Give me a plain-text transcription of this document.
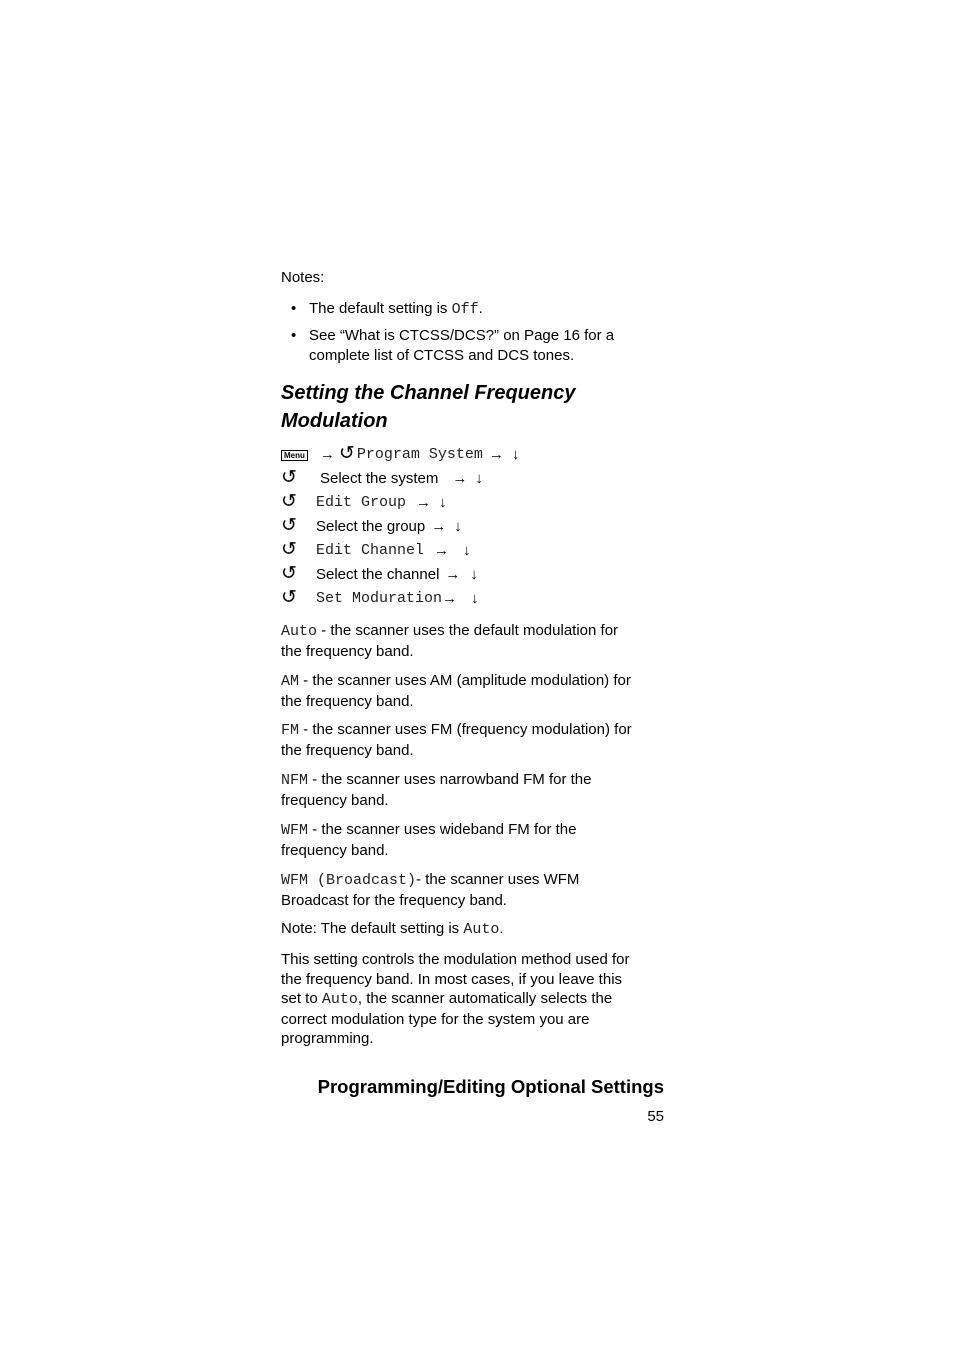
Notes:
• The default setting is Off.
• See “What is CTCSS/DCS?” on Page 16 for a
complete list of CTCSS and DCS tones.
Setting the Channel Frequency
Modulation
Menu → ↺ Program System → ↓
↺ Select the system → ↓
↺ Edit Group → ↓
↺ Select the group → ↓
↺ Edit Channel → ↓
↺ Select the channel → ↓
↺ Set Moduration → ↓
Auto - the scanner uses the default modulation for
the frequency band.
AM - the scanner uses AM (amplitude modulation) for
the frequency band.
FM - the scanner uses FM (frequency modulation) for
the frequency band.
NFM - the scanner uses narrowband FM for the
frequency band.
WFM - the scanner uses wideband FM for the
frequency band.
WFM (Broadcast)- the scanner uses WFM
Broadcast for the frequency band.
Note: The default setting is Auto.
This setting controls the modulation method used for
the frequency band. In most cases, if you leave this
set to Auto, the scanner automatically selects the
correct modulation type for the system you are
programming.
Programming/Editing Optional Settings
55
